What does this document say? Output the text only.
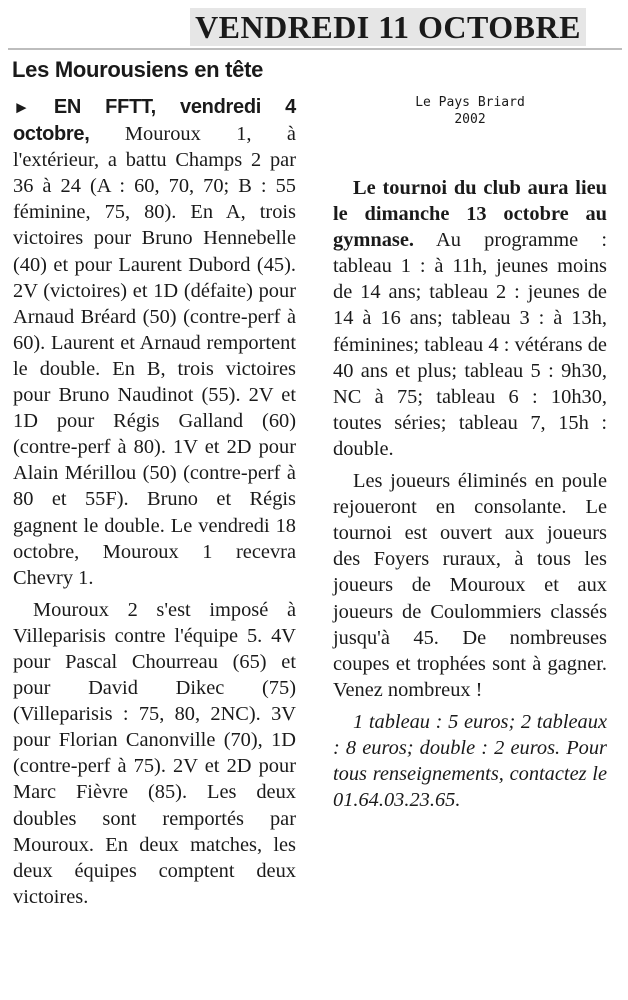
VENDREDI 11 OCTOBRE
Les Mourousiens en tête
Le Pays Briard
2002

► EN FFTT, vendredi 4 octobre, Mouroux 1, à l'extérieur, a battu Champs 2 par 36 à 24 (A : 60, 70, 70; B : 55 féminine, 75, 80). En A, trois victoires pour Bruno Hennebelle (40) et pour Laurent Dubord (45). 2V (victoires) et 1D (défaite) pour Arnaud Bréard (50) (contre-perf à 60). Laurent et Arnaud remportent le double. En B, trois victoires pour Bruno Naudinot (55). 2V et 1D pour Régis Galland (60) (contre-perf à 80). 1V et 2D pour Alain Mérillou (50) (contre-perf à 80 et 55F). Bruno et Régis gagnent le double. Le vendredi 18 octobre, Mouroux 1 recevra Chevry 1.

Mouroux 2 s'est imposé à Villeparisis contre l'équipe 5. 4V pour Pascal Chourreau (65) et pour David Dikec (75) (Villeparisis : 75, 80, 2NC). 3V pour Florian Canonville (70), 1D (contre-perf à 75). 2V et 2D pour Marc Fièvre (85). Les deux doubles sont remportés par Mouroux. En deux matches, les deux équipes comptent deux victoires.

Le tournoi du club aura lieu le dimanche 13 octobre au gymnase. Au programme : tableau 1 : à 11h, jeunes moins de 14 ans; tableau 2 : jeunes de 14 à 16 ans; tableau 3 : à 13h, féminines; tableau 4 : vétérans de 40 ans et plus; tableau 5 : 9h30, NC à 75; tableau 6 : 10h30, toutes séries; tableau 7, 15h : double.

Les joueurs éliminés en poule rejoueront en consolante. Le tournoi est ouvert aux joueurs des Foyers ruraux, à tous les joueurs de Mouroux et aux joueurs de Coulommiers classés jusqu'à 45. De nombreuses coupes et trophées sont à gagner. Venez nombreux !

1 tableau : 5 euros; 2 tableaux : 8 euros; double : 2 euros. Pour tous renseignements, contactez le 01.64.03.23.65.
